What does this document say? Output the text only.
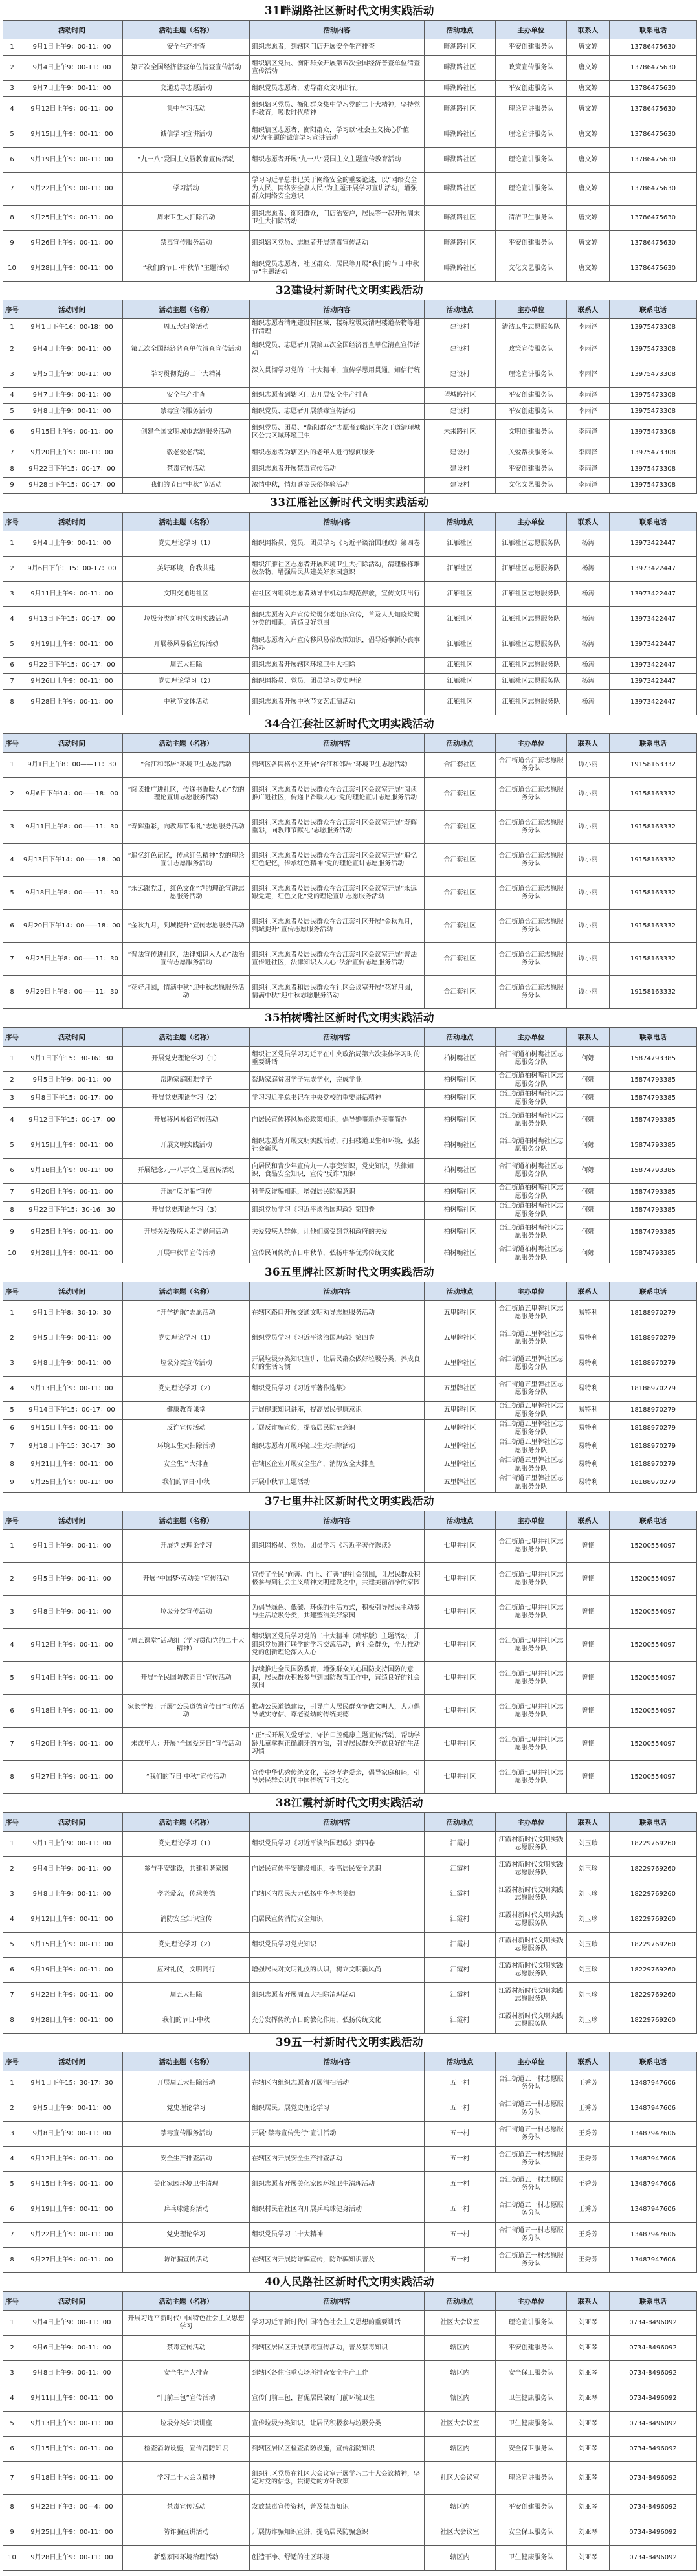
31畔湖路社区新时代文明实践活动
	活动时间	活动主题（名称）	活动内容	活动地点	主办单位	联系人	联系电话
1	9月1日上午9：00-11：00	安全生产排查	组织志愿者，到辖区门店开展安全生产排查	畔湖路社区	平安创建服务队	唐文婷	13786475630
2	9月4日上午9：00-11：00	第五次全国经济普查单位清查宣传活动	组织辖区党员、衡阳群众开展第五次全国经济普查单位清查宣传活动	畔湖路社区	政策宣传服务队	唐文婷	13786475630
3	9月7日上午9：00-11：00	交通劝导志愿活动	组织党员志愿者，劝导群众文明出行。	畔湖路社区	平安创建服务队	唐文婷	13786475630
4	9月12日上午9：00-11：00	集中学习活动	组织辖区党员、衡阳群众集中学习党的二十大精神，坚持党性教育，吸收时代精神	畔湖路社区	理论宣讲服务队	唐文婷	13786475630
5	9月15日上午9：00-11：00	诚信学习宣讲活动	组织辖区志愿者、衡阳群众，学习以‘社会主义核心价值观’为主题的诚信学习宣讲活动	畔湖路社区	理论宣讲服务队	唐文婷	13786475630
6	9月19日上午9：00-11：00	“九一八”爱国主义暨教育宣传活动	组织志愿者开展“九一八”爱国主义主题宣传教育活动	畔湖路社区	理论宣讲服务队	唐文婷	13786475630
7	9月22日上午9：00-11：00	学习活动	学习习近平总书记关于网络安全的重要论述，以“网络安全为人民、网络安全靠人民”为主题开展学习宣讲活动，增强群众网络安全意识	畔湖路社区	理论宣讲服务队	唐文婷	13786475630
8	9月25日上午9：00-11：00	周末卫生大扫除活动	组织志愿者、衡阳群众，门店治安户，居民等一起开展周末卫生大扫除活动	畔湖路社区	清洁卫生服务队	唐文婷	13786475630
9	9月26日上午9：00-11：00	禁毒宣传服务活动	组织辖区党员、志愿者开展禁毒宣传活动	畔湖路社区	平安创建服务队	唐文婷	13786475630
10	9月28日上午9：00-11：00	“我们的节日·中秋节”主题活动	组织党员志愿者、社区群众、居民等开展“我们的节日·中秋节”主题活动	畔湖路社区	文化文艺服务队	唐文婷	13786475630
32建设村新时代文明实践活动
序号	活动时间	活动主题（名称）	活动内容	活动地点	主办单位	联系人	联系电话
1	9月1日下午16：00-18：00	周五大扫除活动	组织志愿者清理建设村区域，楼栋垃圾及清理楼道杂物等进行清理	建设村	清洁卫生志愿服务队	李雨泽	13975473308
2	9月4日上午9：00-11：00	第五次全国经济普查单位清查宣传活动	组织党员、志愿者开展第五次全国经济普查单位清查宣传活动	建设村	政策宣传服务队	李雨泽	13975473308
3	9月5日上午9：00-11：00	学习贯彻党的二十大精神	深入贯彻学习党的二十大精神，宣传学思用贯通，知信行统一	建设村	理论宣讲服务队	李雨泽	13975473308
4	9月7日上午9：00-11：00	安全生产排查	组织志愿者到辖区门店开展安全生产排查	望城路社区	平安创建服务队	李雨泽	13975473308
5	9月8日上午9：00-11：00	禁毒宣传服务活动	组织党员、志愿者开展禁毒宣传活动	建设村	平安创建服务队	李雨泽	13975473308
6	9月15日上午9：00-11：00	创建全国文明城市志愿服务活动	组织党员、团员、“衡阳群众”志愿者到辖区主次干道清理城区公共区域环境卫生	未来路社区	文明创建服务队	李雨泽	13975473308
7	9月20日上午9：00-11：00	敬老爱老活动	组织志愿者为辖区内的老年人进行慰问服务	建设村	关爱帮扶服务队	李雨泽	13975473308
8	9月22日下午15：00-17：00	禁毒宣传活动	组织志愿者开展禁毒宣传活动	建设村	平安创建服务队	李雨泽	13975473308
9	9月28日下午15：00-17：00	我们的节日“中秋”节活动	浓情中秋，情灯谜等民俗体验活动	建设村	文化文艺服务队	李雨泽	13975473308
33江雁社区新时代文明实践活动
序号	活动时间	活动主题（名称）	活动内容	活动地点	主办单位	联系人	联系电话
1	9月4日上午9：00-11：00	党史理论学习（1）	组织网格员、党员、团员学习《习近平谈治国理政》第四卷	江雁社区	江雁社区志愿服务队	杨涛	13973422447
2	9月6日下午：15：00-17：00	美好环境，你我共建	组织江雁社区志愿者开展环境卫生大扫除活动，清理楼栋堆放杂物，增强居民共建美好家园意识	江雁社区	江雁社区志愿服务队	杨涛	13973422447
3	9月11日上午9：00-11：00	文明交通进社区	在社区内组织志愿者劝导非机动车规范停放，宣传文明出行	江雁社区	江雁社区志愿服务队	杨涛	13973422447
4	9月13日下午15：00-17：00	垃圾分类新时代文明实践活动	组织志愿者入户宣传垃圾分类知识宣传，普及人人知晓垃圾分类的知识，营造良好氛围	江雁社区	江雁社区志愿服务队	杨涛	13973422447
5	9月19日上午9：00-11：00	开展移风易俗宣传活动	组织志愿者入户宣传移风易俗政策知识，倡导婚事新办丧事简办	江雁社区	江雁社区志愿服务队	杨涛	13973422447
6	9月22日下午15：00-17：00	周五大扫除	组织志愿者开展辖区环境卫生大扫除	江雁社区	江雁社区志愿服务队	杨涛	13973422447
7	9月26日上午9：00-11：00	党史理论学习（2）	组织网格员、党员、团员学习党史理论	江雁社区	江雁社区志愿服务队	杨涛	13973422447
8	9月28日上午9：00-11：00	中秋节文体活动	组织志愿者开展中秋节文艺汇演活动	江雁社区	江雁社区志愿服务队	杨涛	13973422447
34合江套社区新时代文明实践活动
序号	活动时间	活动主题（名称）	活动内容	活动地点	主办单位	联系人	联系电话
1	9月1日上午8：00——11：30	“合江和邻居”环境卫生志愿活动	到辖区各网格小区开展“合江和邻居”环境卫生志愿活动	合江套社区	合江街道合江套志愿服务分队	谭小丽	19158163332
2	9月6日下午14：00——18：00	“阅读推广进社区，传递书香暖人心”党的理论宣讲志愿服务活动	组织社区志愿者及居民群众在合江套社区会议室开展“阅读推广进社区，传递书香暖人心”党的理论宣讲志愿服务活动	合江套社区	合江街道合江套志愿服务分队	谭小丽	19158163332
3	9月11日上午8：00——11：30	“寿辉重彩，向教师节献礼”志愿服务活动	组织社区志愿者及居民群众在合江套社区会议室开展“寿辉重彩，向教师节献礼”志愿服务活动	合江套社区	合江街道合江套志愿服务分队	谭小丽	19158163332
4	9月13日下午14：00——18：00	“追忆红色记忆，传承红色精神”党的理论宣讲志愿服务活动	组织社区志愿者及居民群众在合江套社区会议室开展“追忆红色记忆，传承红色精神”党的理论宣讲志愿服务活动	合江套社区	合江街道合江套志愿服务分队	谭小丽	19158163332
5	9月18日上午8：00——11：30	“永远跟党走，红色文化”党的理论宣讲志愿服务活动	组织社区志愿者及居民群众在合江套社区会议室开展“永远跟党走，红色文化”党的理论宣讲志愿服务活动	合江套社区	合江街道合江套志愿服务分队	谭小丽	19158163332
6	9月20日下午14：00——18：00	“金秋九月，到城提升”宣传志愿服务活动	组织社区志愿者及居民群众在合江套社区开展“金秋九月，到城提升”宣传志愿服务活动	合江套社区	合江街道合江套志愿服务分队	谭小丽	19158163332
7	9月25日上午8：00——11：30	“普法宣传进社区，法律知识入人心”法治宣传志愿服务活动	组织社区志愿者及居民群众在合江套社区会议室开展“普法宣传进社区，法律知识入人心”法治宣传志愿服务活动	合江套社区	合江街道合江套志愿服务分队	谭小丽	19158163332
8	9月29日上午8：00——11：30	“花好月圆，情满中秋”迎中秋志愿服务活动	组织社区志愿者和居民群众在社区会议室开展“花好月圆，情满中秋”迎中秋志愿服务活动	合江套社区	合江街道合江套志愿服务分队	谭小丽	19158163332
35柏树嘴社区新时代文明实践活动
序号	活动时间	活动主题（名称）	活动内容	活动地点	主办单位	联系人	联系电话
1	9月1日下午15：30-16：30	开展党史理论学习（1）	组织社区党员学习习近平在中央政治局第六次集体学习时的重要讲话	柏树嘴社区	合江街道柏树嘴社区志愿服务分队	何娜	15874793385
2	9月5日上午9：00-11：00	帮助家庭困难学子	帮助家庭贫困学子完成学业，完成学业	柏树嘴社区	合江街道柏树嘴社区志愿服务分队	何娜	15874793385
3	9月8日下午15：00-17：00	开展党史理论学习（2）	学习习近平总书记在中央党校的重要讲话精神	柏树嘴社区	合江街道柏树嘴社区志愿服务分队	何娜	15874793385
4	9月12日下午15：00-17：00	开展移风易俗宣传活动	向居民宣传移风易俗政策知识，倡导婚事新办丧事简办	柏树嘴社区	合江街道柏树嘴社区志愿服务分队	何娜	15874793385
5	9月15日上午9：00-11：00	开展文明实践活动	组织志愿者开展文明实践活动，打扫楼道卫生和环境，弘扬社会新风	柏树嘴社区	合江街道柏树嘴社区志愿服务分队	何娜	15874793385
6	9月18日上午9：00-11：00	开展纪念九一八事变主题宣传活动	向居民和青少年宣传九一八事变知识，党史知识，法律知识，食品安全知识，宣传“反诈”知识	柏树嘴社区	合江街道柏树嘴社区志愿服务分队	何娜	15874793385
7	9月20日上午9：00-11：00	开展“反诈骗”宣传	科普反诈骗知识，增强居民防骗意识	柏树嘴社区	合江街道柏树嘴社区志愿服务分队	何娜	15874793385
8	9月22日下午15：30-16：30	开展党史理论学习（3）	组织党员学习《习近平谈治国理政》第四卷	柏树嘴社区	合江街道柏树嘴社区志愿服务分队	何娜	15874793385
9	9月25日上午9：00-11：00	开展关爱残疾人走访慰问活动	关爱残疾人群体，让他们感受到党和政府的关爱	柏树嘴社区	合江街道柏树嘴社区志愿服务分队	何娜	15874793385
10	9月28日上午9：00-11：00	开展中秋节宣传活动	宣传民间传统节日中秋节，弘扬中华优秀传统文化	柏树嘴社区	合江街道柏树嘴社区志愿服务分队	何娜	15874793385
36五里牌社区新时代文明实践活动
序号	活动时间	活动主题（名称）	活动内容	活动地点	主办单位	联系人	联系电话
1	9月1日上午8：30-10：30	“开学护航”志愿活动	在辖区路口开展交通文明劝导志愿服务活动	五里牌社区	合江街道五里牌社区志愿服务分队	易特利	18188970279
2	9月5日上午9：00-11：00	党史理论学习（1）	组织党员学习《习近平谈治国理政》第四卷	五里牌社区	合江街道五里牌社区志愿服务分队	易特利	18188970279
3	9月8日上午9：00-11：00	垃圾分类宣传活动	开展垃圾分类知识宣讲，让居民群众做好垃圾分类，养成良好的生活习惯	五里牌社区	合江街道五里牌社区志愿服务分队	易特利	18188970279
4	9月13日上午9：00-11：00	党史理论学习（2）	组织党员学习《习近平著作选集》	五里牌社区	合江街道五里牌社区志愿服务分队	易特利	18188970279
5	9月14日下午15：00-17：00	健康教育课堂	开展健康知识讲座，提高居民健康意识	五里牌社区	合江街道五里牌社区志愿服务分队	易特利	18188970279
6	9月15日上午9：00-11：00	反诈宣传活动	开展反诈骗宣传，提高居民防范意识	五里牌社区	合江街道五里牌社区志愿服务分队	易特利	18188970279
7	9月18日下午15：30-17：30	环境卫生大扫除活动	组织志愿者开展环境卫生大扫除活动	五里牌社区	合江街道五里牌社区志愿服务分队	易特利	18188970279
8	9月21日上午9：00-11：00	安全生产大排查	在辖区企业开展安全生产，消防安全大排查	五里牌社区	合江街道五里牌社区志愿服务分队	易特利	18188970279
9	9月25日上午9：00-11：00	我们的节日·中秋	开展中秋节主题活动	五里牌社区	合江街道五里牌社区志愿服务分队	易特利	18188970279
37七里井社区新时代文明实践活动
序号	活动时间	活动主题（名称）	活动内容	活动地点	主办单位	联系人	联系电话
1	9月1日上午9：00-11：00	开展党史理论学习	组织网格员、党员、团员学习《习近平著作选读》	七里井社区	合江街道七里井社区志愿服务分队	曾艳	15200554097
2	9月5日上午9：00-11：00	开展“中国梦·劳动美”宣传活动	宣传了全民“向善、向上、行善”的社会氛围，让居民群众积极参与到社会主义精神文明建设之中，共建美丽洁净的家园	七里井社区	合江街道七里井社区志愿服务分队	曾艳	15200554097
3	9月8日上午9：00-11：00	垃圾分类宣传活动	为倡导绿色、低碳、环保的生活方式，积极引导居民主动参与生活垃圾分类，共建整洁美好家园	七里井社区	合江街道七里井社区志愿服务分队	曾艳	15200554097
4	9月12日上午9：00-11：00	“周五课堂”活动组（学习贯彻党的二十大精神）	组织辖区党员学习党的二十大精神（精华版）主题活动，并组织党员进行联学的学习交流活动，向社会群众，全力推动党的创新理论深入人心	七里井社区	合江街道七里井社区志愿服务分队	曾艳	15200554097
5	9月14日上午9：00-11：00	开展“全民国防教育日”宣传活动	持续推进全民国防教育，增强群众关心国防支持国防的意识，居民群众积极参与到国防教育工作中，营造良好的社会氛围	七里井社区	合江街道七里井社区志愿服务分队	曾艳	15200554097
6	9月18日上午9：00-11：00	家长学校：开展“公民道德宣传日”宣传活动	推动公民道德建设，引导广大居民群众争做文明人，大力倡导诚实守信、尊老爱幼的传统美德	七里井社区	合江街道七里井社区志愿服务分队	曾艳	15200554097
7	9月20日上午9：00-11：00	未成年人：开展“全国爱牙日”宣传活动	“正”式开展关爱牙齿，守护口腔健康主题宣传活动，帮助学龄儿童掌握正确刷牙的方法，引导居民群众养成良好的生活习惯	七里井社区	合江街道七里井社区志愿服务分队	曾艳	15200554097
8	9月27日上午9：00-11：00	“我们的节日·中秋”宣传活动	宣传中华优秀传统文化，弘扬孝老爱亲，倡导家庭和睦，引导居民群众认同中国传统节日文化	七里井社区	合江街道七里井社区志愿服务分队	曾艳	15200554097
38江霞村新时代文明实践活动
序号	活动时间	活动主题（名称）	活动内容	活动地点	主办单位	联系人	联系电话
1	9月1日上午9：00-11：00	党史理论学习（1）	组织党员学习《习近平谈治国理政》第四卷	江霞村	江霞村新时代文明实践志愿服务队	刘玉珍	18229769260
2	9月4日上午9：00-11：00	参与平安建设，共建和谐家园	向居民宣传平安建设知识，提高居民安全意识	江霞村	江霞村新时代文明实践志愿服务队	刘玉珍	18229769260
3	9月8日上午9：00-11：00	孝老爱亲，传承美德	向辖区内居民大力弘扬中华孝老美德	江霞村	江霞村新时代文明实践志愿服务队	刘玉珍	18229769260
4	9月12日上午9：00-11：00	消防安全知识宣传	向居民宣传消防安全知识	江霞村	江霞村新时代文明实践志愿服务队	刘玉珍	18229769260
5	9月15日上午9：00-11：00	党史理论学习（2）	组织党员学习党史知识	江霞村	江霞村新时代文明实践志愿服务队	刘玉珍	18229769260
6	9月19日上午9：00-11：00	应对礼仪，文明同行	增强居民对文明礼仪的认识，树立文明新风尚	江霞村	江霞村新时代文明实践志愿服务队	刘玉珍	18229769260
7	9月22日上午9：00-11：00	周五大扫除	组织志愿者开展周五大扫除清理活动	江霞村	江霞村新时代文明实践志愿服务队	刘玉珍	18229769260
8	9月28日上午9：00-11：00	我们的节日·中秋	充分发挥传统节日的教化作用，弘扬传统文化	江霞村	江霞村新时代文明实践志愿服务队	刘玉珍	18229769260
39五一村新时代文明实践活动
序号	活动时间	活动主题（名称）	活动内容	活动地点	主办单位	联系人	联系电话
1	9月1日下午15：30-17：30	开展周五大扫除活动	在辖区内组织志愿者开展清扫活动	五一村	合江街道五一村志愿服务分队	王秀芳	13487947606
2	9月5日上午9：00-11：00	党史理论学习	组织居民开展党史理论学习	五一村	合江街道五一村志愿服务分队	王秀芳	13487947606
3	9月8日上午9：00-11：00	禁毒宣传服务活动	开展“禁毒宣传先行”宣讲活动	五一村	合江街道五一村志愿服务分队	王秀芳	13487947606
4	9月12日上午9：00-11：00	安全生产排查活动	在辖区内开展安全生产排查活动	五一村	合江街道五一村志愿服务分队	王秀芳	13487947606
5	9月15日上午9：00-11：00	美化家园环境卫生清理	组织志愿者开展美化家园环境卫生清理活动	五一村	合江街道五一村志愿服务分队	王秀芳	13487947606
6	9月19日上午9：00-11：00	乒乓球健身活动	组织村民在社区内开展乒乓球健身活动	五一村	合江街道五一村志愿服务分队	王秀芳	13487947606
7	9月22日上午9：00-11：00	党史理论学习	组织党员学习二十大精神	五一村	合江街道五一村志愿服务分队	王秀芳	13487947606
8	9月27日上午9：00-11：00	防诈骗宣传活动	在辖区内开展防诈骗宣传，防诈骗知识普及	五一村	合江街道五一村志愿服务分队	王秀芳	13487947606
40人民路社区新时代文明实践活动
序号	活动时间	活动主题（名称）	活动内容	活动地点	主办单位	联系人	联系电话
1	9月4日上午9：00-11：00	开展习近平新时代中国特色社会主义思想学习	学习习近平新时代中国特色社会主义思想的重要讲话	社区大会议室	理论宣讲服务队	刘亚琴	0734-8496092
2	9月6日上午9：00-11：00	禁毒宣传活动	到辖区居民区开展禁毒宣传活动，普及禁毒知识	辖区内	平安创建服务队	刘亚琴	0734-8496092
3	9月8日上午9：00-11：00	安全生产大排查	到辖区各住宅重点场所排查安全生产工作	辖区内	安全保卫服务队	刘亚琴	0734-8496092
4	9月11日上午9：00-11：00	“门前三包”宣传活动	宣传门前三包，督促居民做好门前环境卫生	辖区内	卫生健康服务队	刘亚琴	0734-8496092
5	9月13日上午9：00-11：00	垃圾分类知识讲座	宣传垃圾分类知识，让居民积极参与垃圾分类	社区大会议室	卫生健康服务队	刘亚琴	0734-8496092
6	9月15日上午9：00-11：00	检查消防设施，宣传消防知识	到辖区居民区检查消防设施，宣传消防知识	辖区内	安全保卫服务队	刘亚琴	0734-8496092
7	9月18日上午9：00-11：00	学习二十大会议精神	组织社区党员在社区大会议室开展学习二十大会议精神，坚定对党的信念，贯彻党的方针政策	社区大会议室	理论宣讲服务队	刘亚琴	0734-8496092
8	9月22日下午3：00—4：00	禁毒宣传活动	发放禁毒宣传资料，普及禁毒知识	辖区内	平安创建服务队	刘亚琴	0734-8496092
9	9月25日上午9：00-11：00	防诈骗宣讲活动	开展防诈骗知识宣讲，提高居民防骗意识	社区大会议室	安全保卫服务队	刘亚琴	0734-8496092
10	9月28日上午9：00-11：00	新型家园环境治理活动	创造干净、舒适的社区环境	辖区内	卫生健康服务队	刘亚琴	0734-8496092
